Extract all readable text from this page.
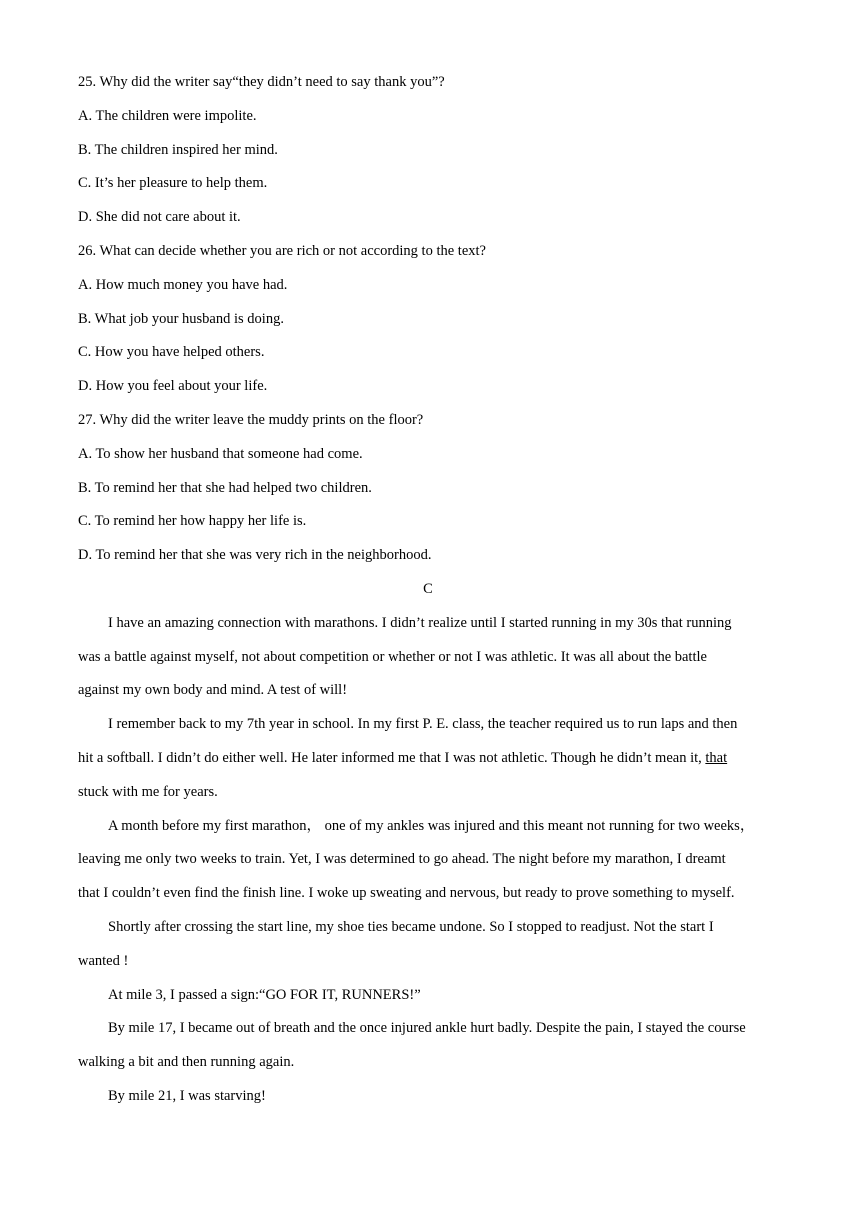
25. Why did the writer say“they didn’t need to say thank you”?
A. The children were impolite.
B. The children inspired her mind.
C. It’s her pleasure to help them.
D. She did not care about it.
26. What can decide whether you are rich or not according to the text?
A. How much money you have had.
B. What job your husband is doing.
C. How you have helped others.
D. How you feel about your life.
27. Why did the writer leave the muddy prints on the floor?
A. To show her husband that someone had come.
B. To remind her that she had helped two children.
C. To remind her how happy her life is.
D. To remind her that she was very rich in the neighborhood.
C
I have an amazing connection with marathons. I didn’t realize until I started running in my 30s that running
was a battle against myself, not about competition or whether or not I was athletic. It was all about the battle
against my own body and mind. A test of will!
I remember back to my 7th year in school. In my first P. E. class, the teacher required us to run laps and then
hit a softball. I didn’t do either well. He later informed me that I was not athletic. Though he didn’t mean it, that
stuck with me for years.
A month before my first marathon， one of my ankles was injured and this meant not running for two weeks，
leaving me only two weeks to train. Yet, I was determined to go ahead. The night before my marathon, I dreamt
that I couldn’t even find the finish line. I woke up sweating and nervous, but ready to prove something to myself.
Shortly after crossing the start line, my shoe ties became undone. So I stopped to readjust. Not the start I
wanted !
At mile 3, I passed a sign:“GO FOR IT, RUNNERS!”
By mile 17, I became out of breath and the once injured ankle hurt badly. Despite the pain, I stayed the course
walking a bit and then running again.
By mile 21, I was starving!
